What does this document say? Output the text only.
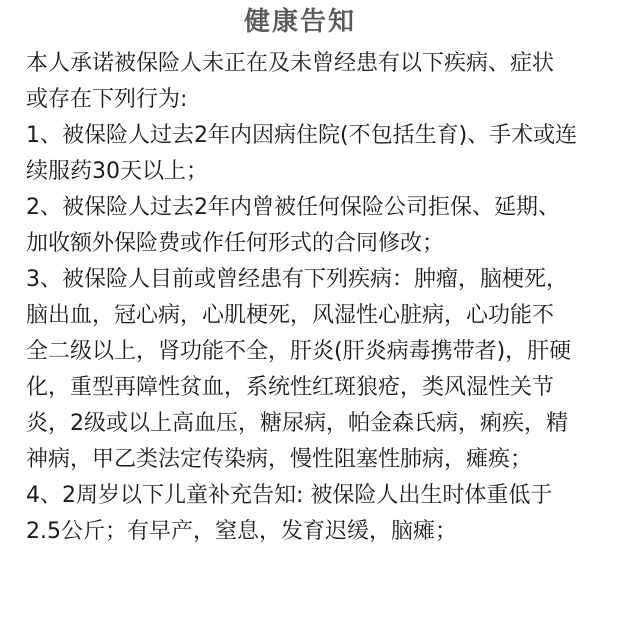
健康告知
本人承诺被保险人未正在及未曾经患有以下疾病、症状
或存在下列行为:
1、被保险人过去2年内因病住院(不包括生育)、手术或连
续服药30天以上；
2、被保险人过去2年内曾被任何保险公司拒保、延期、
加收额外保险费或作任何形式的合同修改；
3、被保险人目前或曾经患有下列疾病：肿瘤，脑梗死，
脑出血，冠心病，心肌梗死，风湿性心脏病，心功能不
全二级以上，肾功能不全，肝炎(肝炎病毒携带者)，肝硬
化，重型再障性贫血，系统性红斑狼疮，类风湿性关节
炎，2级或以上高血压，糖尿病，帕金森氏病，痢疾，精
神病，甲乙类法定传染病，慢性阻塞性肺病，瘫痪；
4、2周岁以下儿童补充告知: 被保险人出生时体重低于
2.5公斤；有早产，窒息，发育迟缓，脑瘫；
